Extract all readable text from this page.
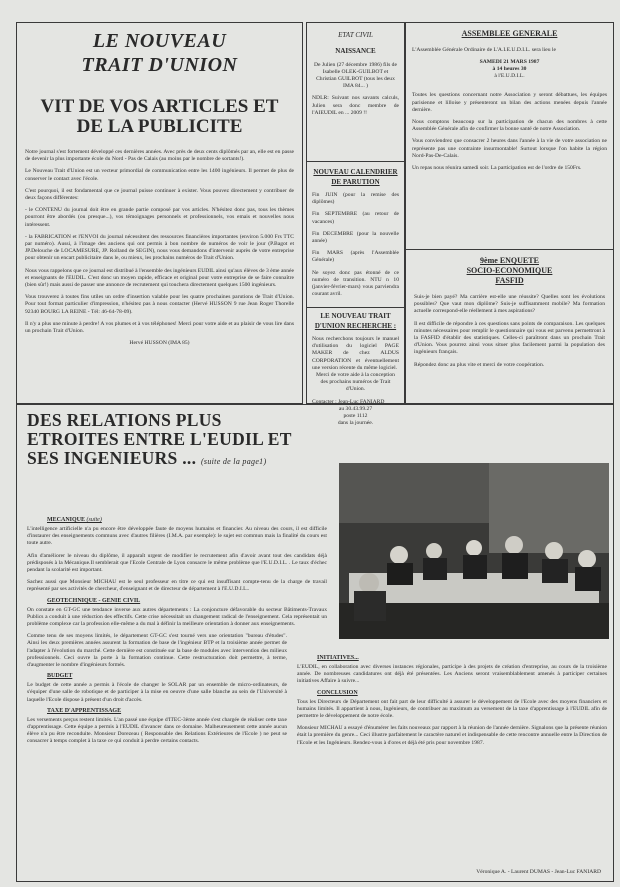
LE NOUVEAU
TRAIT D'UNION
VIT DE VOS ARTICLES ET
DE LA PUBLICITE

Notre journal s'est fortement développé ces dernières années. Avec près de deux cents diplômés par an, elle est en passe de devenir la plus importante école du Nord - Pas de Calais (au moins par le nombre de sortants!).

Le Nouveau Trait d'Union est un vecteur primordial de communication entre les 1400 ingénieurs. Il permet de plus de conserver le contact avec l'école.

C'est pourquoi, il est fondamental que ce journal puisse continuer à exister. Vous pouvez directement y contribuer de deux façons différentes:

- le CONTENU du journal doit être en grande partie composé par vos articles. N'hésitez donc pas, tous les thèmes pourront être abordés (ou presque...), vos témoignages personnels et professionnels, vos emais et nouvelles nous intéressent.

- la FABRICATION et l'ENVOI du journal nécessitent des ressources financières importantes (environ 5.000 Frs TTC par numéro). Aussi, à l'image des anciens qui ont permis à bon nombre de numéros de voir le jour (P.Bagot et JP.Delouche de LOCAMESURE, JP. Rolland de SEGIN), nous vous demandons d'intervenir auprès de votre entreprise pour obtenir un encart publicitaire dans le, ou mieux, les prochains numéros de Trait d'Union.

Nous vous rappelons que ce journal est distribué à l'ensemble des ingénieurs EUDIL ainsi qu'aux élèves de 3 ème année et enseignants de l'EUDIL. C'est donc un moyen rapide, efficace et original pour votre entreprise de se faire connaître (bien sûr!) mais aussi de passer une annonce de recrutement qui touchera directement quelques 1500 ingénieurs.

Vous trouverez à toutes fins utiles un ordre d'insertion valable pour les quatre prochaines parutions de Trait d'Union. Pour tout format particulier d'impression, n'hésitez pas à nous contacter (Hervé HUSSON 9 rue Jean Roger Thorelle 92340 BOURG LA REINE - Tél: 46-64-78-09).

Il n'y a plus une minute à perdre! A vos plumes et à vos téléphones! Merci pour votre aide et au plaisir de vous lire dans un prochain Trait d'Union.

Hervé HUSSON (IMA 85)

ETAT CIVIL
NAISSANCE

De Julien (27 décembre 1986) fils de Isabelle OLEK-GUILBOT et Christian GUILBOT (tous les deux IMA 84... )

NDLR: Suivant nos savants calculs, Julien sera donc membre de l'AIEUDIL en ... 2009 !!

NOUVEAU CALENDRIER
DE PARUTION

Fin JUIN (pour la remise des diplômes)

Fin SEPTEMBRE (au retour de vacances)

Fin DECEMBRE (pour la nouvelle année)

Fin MARS (après l'Assemblée Générale)

Ne soyez donc pas étonné de ce numéro de transition. NTU n 10 (janvier-février-mars) vous parviendra courant avril.

LE NOUVEAU TRAIT
D'UNION RECHERCHE :

Nous recherchons toujours le manuel d'utilisation du logiciel PAGE MAKER de chez ALDUS CORPORATION et éventuellement une version récente du même logiciel.

Merci de votre aide à la conception des prochains numéros de Trait d'Union.

Contacter : Jean-Luc FANIARD

au 30.43.99.27

poste 1112

dans la journée.

ASSEMBLEE GENERALE

L'Assemblée Générale Ordinaire de L'A.I.E.U.D.I.L. sera lieu le

SAMEDI 21 MARS 1987

à 14 heures 30

à l'E.U.D.I.L.

Toutes les questions concernant notre Association y seront débattues, les équipes parisienne et lilloise y présenteront un bilan des actions menées depuis l'année dernière.

Nous comptons beaucoup sur la participation de chacun des nombres à cette Assemblée Générale afin de confirmer la bonne santé de notre Association.

Vous conviendrez que consacrer 2 heures dans l'année à la vie de votre association ne représente pas une contrainte insurmontable! Surtout lorsque l'on habite la région Nord-Pas-De-Calais.

Un repas nous réunira samedi soir. La participation est de l'ordre de 150Frs.

9ème ENQUETE
SOCIO-ECONOMIQUE
FASFID

Suis-je bien payé? Ma carrière est-elle une réussite? Quelles sont les évolutions possibles? Que vaut mon diplôme? Suis-je suffisamment mobile? Ma formation actuelle correspond-elle réellement à mes aspirations?

Il est difficile de répondre à ces questions sans points de comparaison. Les quelques minutes nécessaires pour remplir le questionnaire qui vous est parvenu permettront à la FASFID d'établir des statistiques. Celles-ci paraîtront dans un prochain Trait d'Union. Vous pourrez ainsi vous situer plus facilement parmi la population des ingénieurs français.

Répondez donc au plus vite et merci de votre coopération.

DES RELATIONS PLUS
ETROITES ENTRE L'EUDIL ET
SES INGENIEURS ... (suite de la page1)
MECANIQUE (suite)

L'intelligence artificielle n'a pu encore être développée faute de moyens humains et financier. Au niveau des cours, il est difficile d'instaurer des enseignements communs avec d'autres filières (I.M.A. par exemple): le sujet est commun mais la finalité du cours est toute autre.

Afin d'améliorer le niveau du diplôme, il apparaît urgent de modifier le recrutement afin d'avoir avant tout des candidats déjà prédisposés à la Mécanique.Il semblerait que l'Ecole Centrale de Lyon consacre le même problème que l'E.U.D.I.L. . Le taux d'échec pendant la scolarité est important.

Sachez aussi que Monsieur MICHAU est le seul professeur en titre ce qui est insuffisant compte-tenu de la charge de travail représenté par ses activités de chercheur, d'enseignant et de directeur de département à l'E.U.D.I.L..

GEOTECHNIQUE - GENIE CIVIL

On constate en GT-GC une tendance inverse aux autres départements : La conjoncture défavorable du secteur Bâtiments-Travaux Publics a conduit à une réduction des effectifs. Cette crise nécessitait un changement radical de l'enseignement. Cela représentait un problème complexe car la profession elle-même a du mal à définir la meilleure orientation à donner aux enseignements.

Comme tenu de ses moyens limités, le département GT-GC s'est tourné vers une orientation "bureau d'études". Ainsi les deux premières années assurent la formation de base de l'ingénieur BTP et la troisième année permet de l'adapter à l'évolution du marché. Cette dernière est constituée sur la base de modules avec intervention des milieux professionnels. Ceci ouvre la porte à la formation continue. Cette restructuration doit permettre, à terme, d'augmenter le nombre d'ingénieurs formés.

BUDGET

Le budget de cette année a permis à l'école de changer le SOLAR par un ensemble de micro-ordinateurs, de s'équiper d'une salle de robotique et de participer à la mise en oeuvre d'une salle blanche au sein de l'Université à laquelle l'Ecole dispose à présent d'un droit d'accès.

TAXE D'APPRENTISSAGE

Les versements perçus restent limités. L'an passé une équipe d'ITEC-3ème année s'est chargée de réaliser cette taxe d'apprentissage. Cette équipe a permis à l'EUDIL d'avancer dans ce domaine. Malheureusement cette année aucun élève n'a pu être reconduite. Monsieur Dorezeau ( Responsable des Relations Extérieures de l'Ecole ) ne peut se consacrer à temps complet à la taxe ce qui conduit à perdre certains contacts.

INITIATIVES...

L'EUDIL, en collaboration avec diverses instances régionales, participe à des projets de création d'entreprise, au cours de la troisième année. De nombreuses candidatures ont déjà été présentées. Les Anciens seront vraisemblablement amenés à participer certaines initiatives Affaire à suivre...

CONCLUSION

Tous les Directeurs de Département ont fait part de leur difficulté à assurer le développement de l'Ecole avec des moyens financiers et humains limités. Il appartient à nous, Ingénieurs, de contribuer au maximum au versement de la taxe d'apprentissage à l'EUDIL afin de permettre le développement de notre école.

Monsieur MICHAU a essayé d'énumérer les faits nouveaux par rapport à la réunion de l'année dernière. Signalons que la présente réunion était la première du genre... Ceci illustre parfaitement le caractère naturel et indispensable de cette rencontre annuelle entre la Direction de l'Ecole et les Ingénieurs. Rendez-vous à d'ores et déjà été pris pour novembre 1987.

Véronique A. - Laurent DUMAS - Jean-Luc FANIARD
